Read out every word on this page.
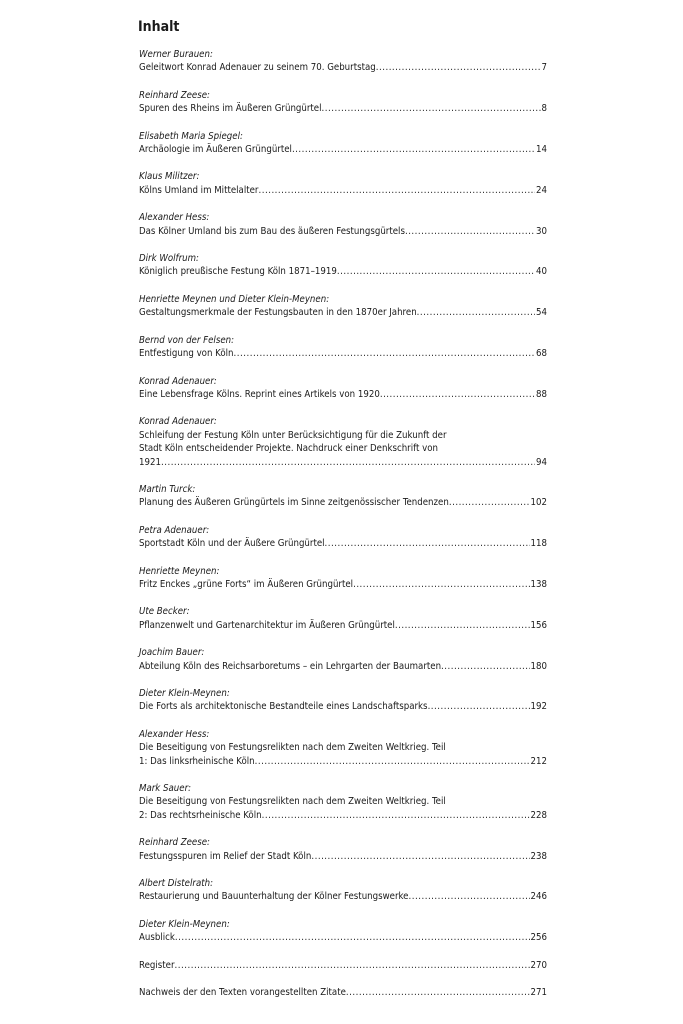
Inhalt
Werner Burauen:
Geleitwort Konrad Adenauer zu seinem 70. Geburtstag .....	7
Reinhard Zeese:
Spuren des Rheins im Äußeren Grüngürtel .....	8
Elisabeth Maria Spiegel:
Archäologie im Äußeren Grüngürtel .....	14
Klaus Militzer:
Kölns Umland im Mittelalter .....	24
Alexander Hess:
Das Kölner Umland bis zum Bau des äußeren Festungsgürtels .....	30
Dirk Wolfrum:
Königlich preußische Festung Köln 1871–1919 .....	40
Henriette Meynen und Dieter Klein-Meynen:
Gestaltungsmerkmale der Festungsbauten in den 1870er Jahren .....	54
Bernd von der Felsen:
Entfestigung von Köln .....	68
Konrad Adenauer:
Eine Lebensfrage Kölns. Reprint eines Artikels von 1920 .....	88
Konrad Adenauer:
Schleifung der Festung Köln unter Berücksichtigung für die Zukunft der
Stadt Köln entscheidender Projekte. Nachdruck einer Denkschrift von
1921 .....	94
Martin Turck:
Planung des Äußeren Grüngürtels im Sinne zeitgenössischer Tendenzen .....	102
Petra Adenauer:
Sportstadt Köln und der Äußere Grüngürtel .....	118
Henriette Meynen:
Fritz Enckes „grüne Forts“ im Äußeren Grüngürtel .....	138
Ute Becker:
Pflanzenwelt und Gartenarchitektur im Äußeren Grüngürtel .....	156
Joachim Bauer:
Abteilung Köln des Reichsarboretums – ein Lehrgarten der Baumarten .....	180
Dieter Klein-Meynen:
Die Forts als architektonische Bestandteile eines Landschaftsparks .....	192
Alexander Hess:
Die Beseitigung von Festungsrelikten nach dem Zweiten Weltkrieg. Teil
1: Das linksrheinische Köln .....	212
Mark Sauer:
Die Beseitigung von Festungsrelikten nach dem Zweiten Weltkrieg. Teil
2: Das rechtsrheinische Köln .....	228
Reinhard Zeese:
Festungsspuren im Relief der Stadt Köln .....	238
Albert Distelrath:
Restaurierung und Bauunterhaltung der Kölner Festungswerke .....	246
Dieter Klein-Meynen:
Ausblick .....	256
Register .....	270
Nachweis der den Texten vorangestellten Zitate .....	271
